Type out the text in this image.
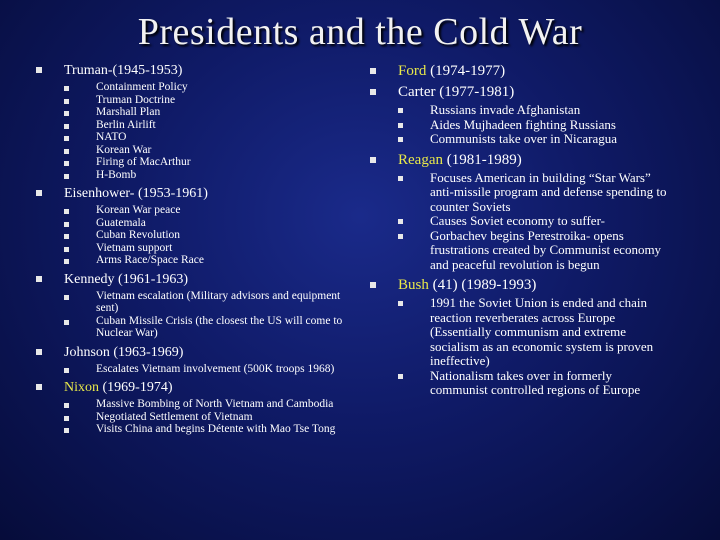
Presidents and the Cold War
Truman-(1945-1953)
Containment Policy
Truman Doctrine
Marshall Plan
Berlin Airlift
NATO
Korean War
Firing of MacArthur
H-Bomb
Eisenhower- (1953-1961)
Korean War peace
Guatemala
Cuban Revolution
Vietnam support
Arms Race/Space Race
Kennedy (1961-1963)
Vietnam escalation (Military advisors and equipment sent)
Cuban Missile Crisis (the closest the US will come to Nuclear War)
Johnson (1963-1969)
Escalates Vietnam involvement (500K troops 1968)
Nixon (1969-1974)
Massive Bombing of North Vietnam and Cambodia
Negotiated Settlement of Vietnam
Visits China and begins Détente with Mao Tse Tong
Ford (1974-1977)
Carter (1977-1981)
Russians invade Afghanistan
Aides Mujhadeen fighting Russians
Communists take over in Nicaragua
Reagan (1981-1989)
Focuses American in building “Star Wars” anti-missile program and defense spending to counter Soviets
Causes Soviet economy to suffer-
Gorbachev begins Perestroika- opens frustrations created by Communist economy and peaceful revolution is begun
Bush (41) (1989-1993)
1991 the Soviet Union is ended and chain reaction reverberates across Europe (Essentially communism and extreme socialism as an economic system is proven ineffective)
Nationalism takes over in formerly communist controlled regions of Europe
